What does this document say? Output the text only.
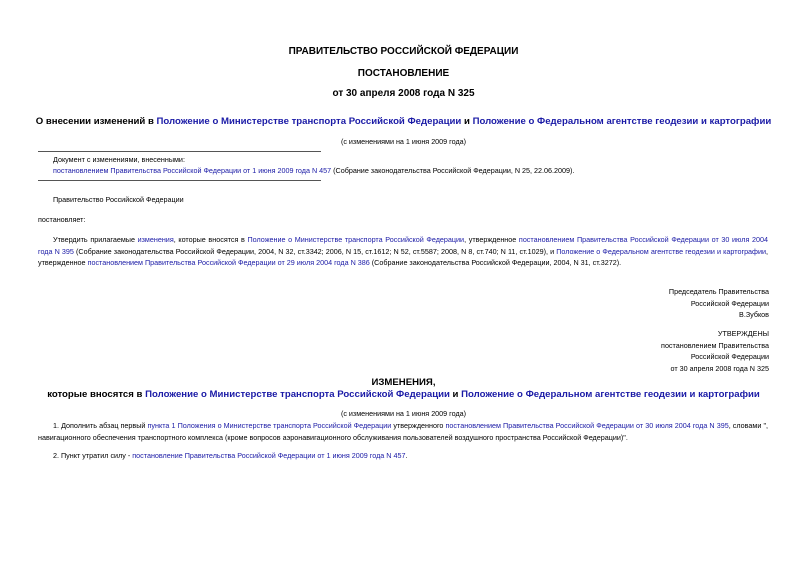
ПРАВИТЕЛЬСТВО РОССИЙСКОЙ ФЕДЕРАЦИИ
ПОСТАНОВЛЕНИЕ
от 30 апреля 2008 года N 325
О внесении изменений в Положение о Министерстве транспорта Российской Федерации и Положение о Федеральном агентстве геодезии и картографии
(с изменениями на 1 июня 2009 года)
Документ с изменениями, внесенными:
постановлением Правительства Российской Федерации от 1 июня 2009 года N 457 (Собрание законодательства Российской Федерации, N 25, 22.06.2009).
Правительство Российской Федерации
постановляет:
Утвердить прилагаемые изменения, которые вносятся в Положение о Министерстве транспорта Российской Федерации, утвержденное постановлением Правительства Российской Федерации от 30 июля 2004 года N 395 (Собрание законодательства Российской Федерации, 2004, N 32, ст.3342; 2006, N 15, ст.1612; N 52, ст.5587; 2008, N 8, ст.740; N 11, ст.1029), и Положение о Федеральном агентстве геодезии и картографии, утвержденное постановлением Правительства Российской Федерации от 29 июля 2004 года N 386 (Собрание законодательства Российской Федерации, 2004, N 31, ст.3272).
Председатель Правительства
Российской Федерации
В.Зубков
УТВЕРЖДЕНЫ
постановлением Правительства
Российской Федерации
от 30 апреля 2008 года N 325
ИЗМЕНЕНИЯ,
которые вносятся в Положение о Министерстве транспорта Российской Федерации и Положение о Федеральном агентстве геодезии и картографии
(с изменениями на 1 июня 2009 года)
1. Дополнить абзац первый пункта 1 Положения о Министерстве транспорта Российской Федерации утвержденного постановлением Правительства Российской Федерации от 30 июля 2004 года N 395, словами ", навигационного обеспечения транспортного комплекса (кроме вопросов аэронавигационного обслуживания пользователей воздушного пространства Российской Федерации)".
2. Пункт утратил силу - постановление Правительства Российской Федерации от 1 июня 2009 года N 457.
